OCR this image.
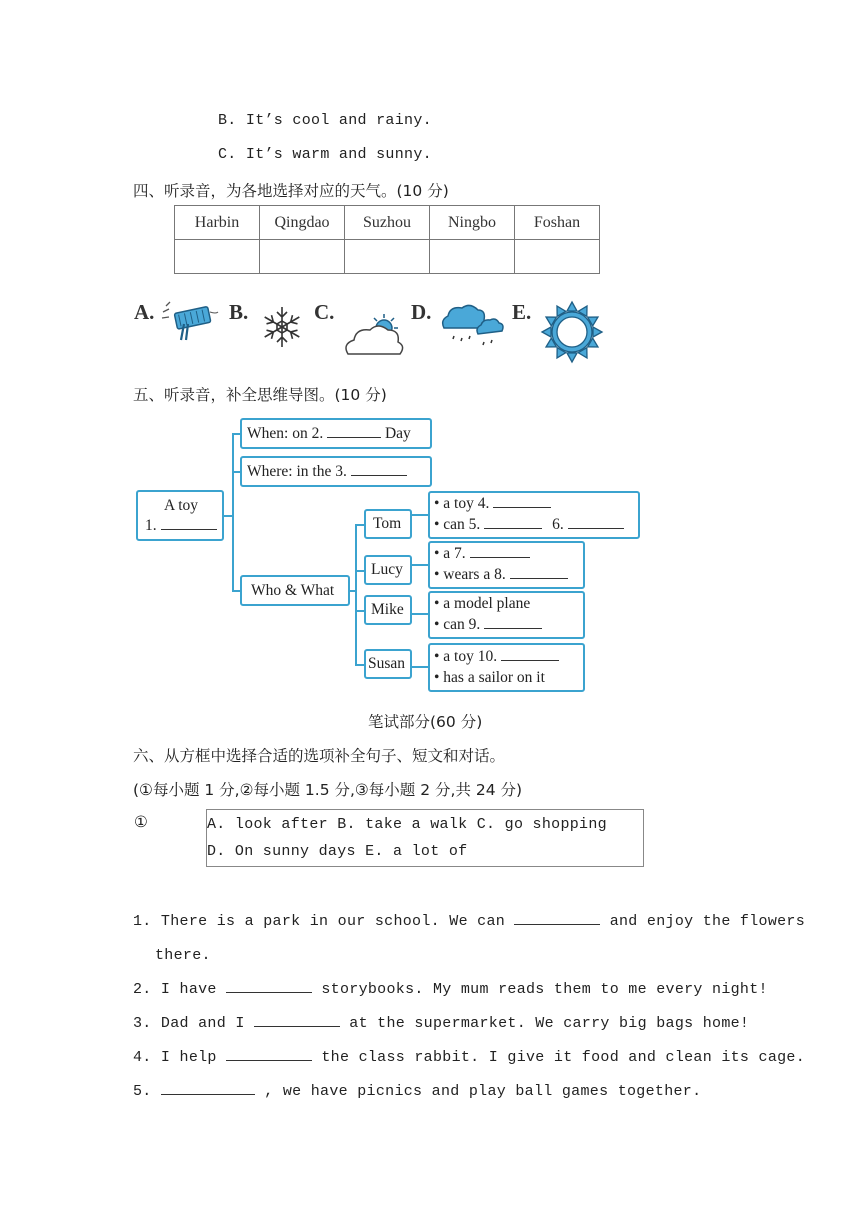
B. It’s cool and rainy.
C. It’s warm and sunny.
四、听录音，为各地选择对应的天气。(10 分)
Harbin	Qingdao	Suzhou	Ningbo	Foshan

A.	B.	C.	D.	E.
五、听录音，补全思维导图。(10 分)
A toy
1.
When: on 2.	Day
Where: in the 3.
Who & What
Tom
Lucy
Mike
Susan
• a toy 4.
• can 5.	6.
• a 7.
• wears a 8.
• a model plane
• can 9.
• a toy 10.
• has a sailor on it
笔试部分(60 分)
六、从方框中选择合适的选项补全句子、短文和对话。
(①每小题 1 分,②每小题 1.5 分,③每小题 2 分,共 24 分)
①	A. look after B. take a walk C. go shopping
D. On sunny days E. a lot of
1. There is a park in our school. We can	and enjoy the flowers
there.
2. I have	storybooks. My mum reads them to me every night!
3. Dad and I	at the supermarket. We carry big bags home!
4. I help	the class rabbit. I give it food and clean its cage.
5.	, we have picnics and play ball games together.
